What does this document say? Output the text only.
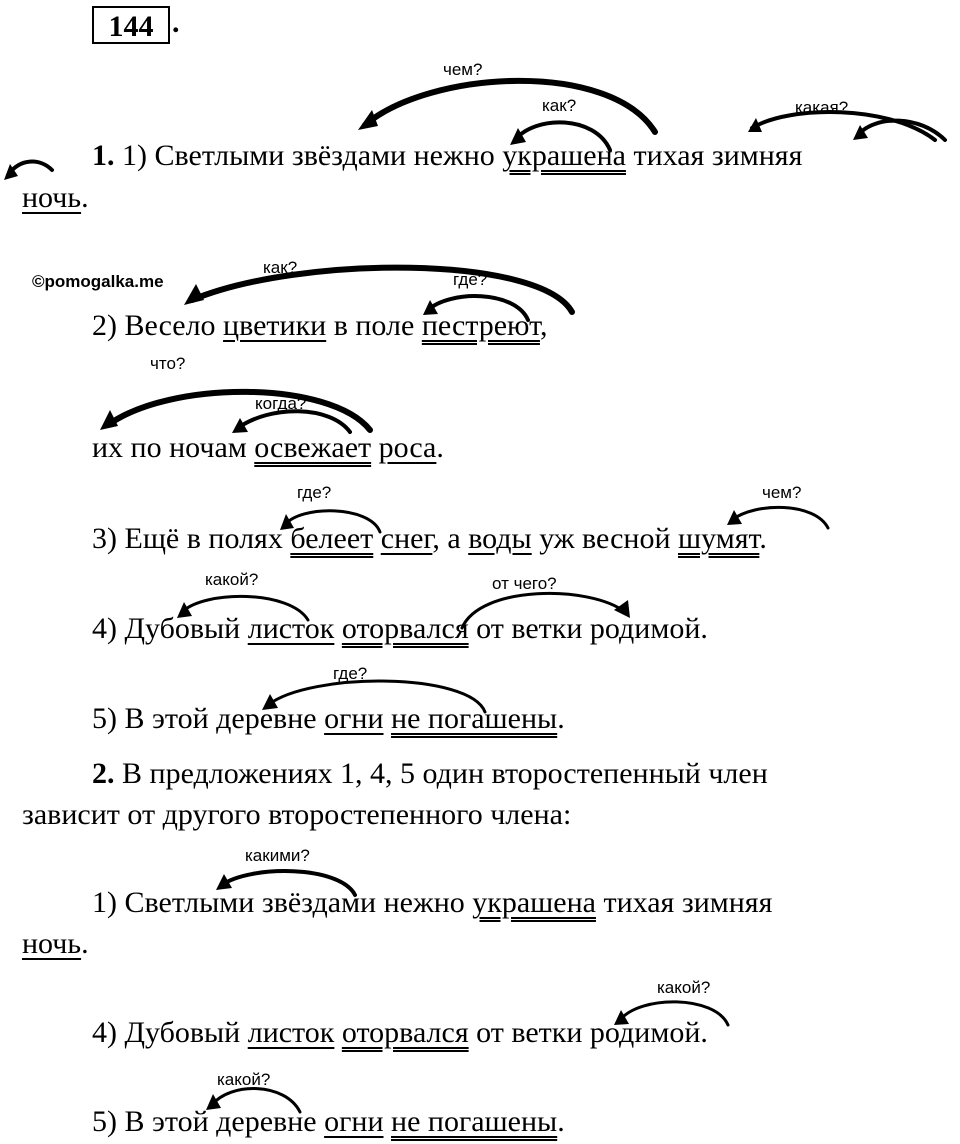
144 .
©pomogalka.me
чем?
как?	какая?
как?
где?
что?
когда?
где?	чем?
какой?	от чего?
где?
какими?
какой?
какой?
1. 1) Светлыми звёздами нежно украшена тихая зимняя
ночь.
2) Весело цветики в поле пестреют,
их по ночам освежает роса.
3) Ещё в полях белеет снег, а воды уж весной шумят.
4) Дубовый листок оторвался от ветки родимой.
5) В этой деревне огни не погашены.
2. В предложениях 1, 4, 5 один второстепенный член
зависит от другого второстепенного члена:
1) Светлыми звёздами нежно украшена тихая зимняя
ночь.
4) Дубовый листок оторвался от ветки родимой.
5) В этой деревне огни не погашены.
